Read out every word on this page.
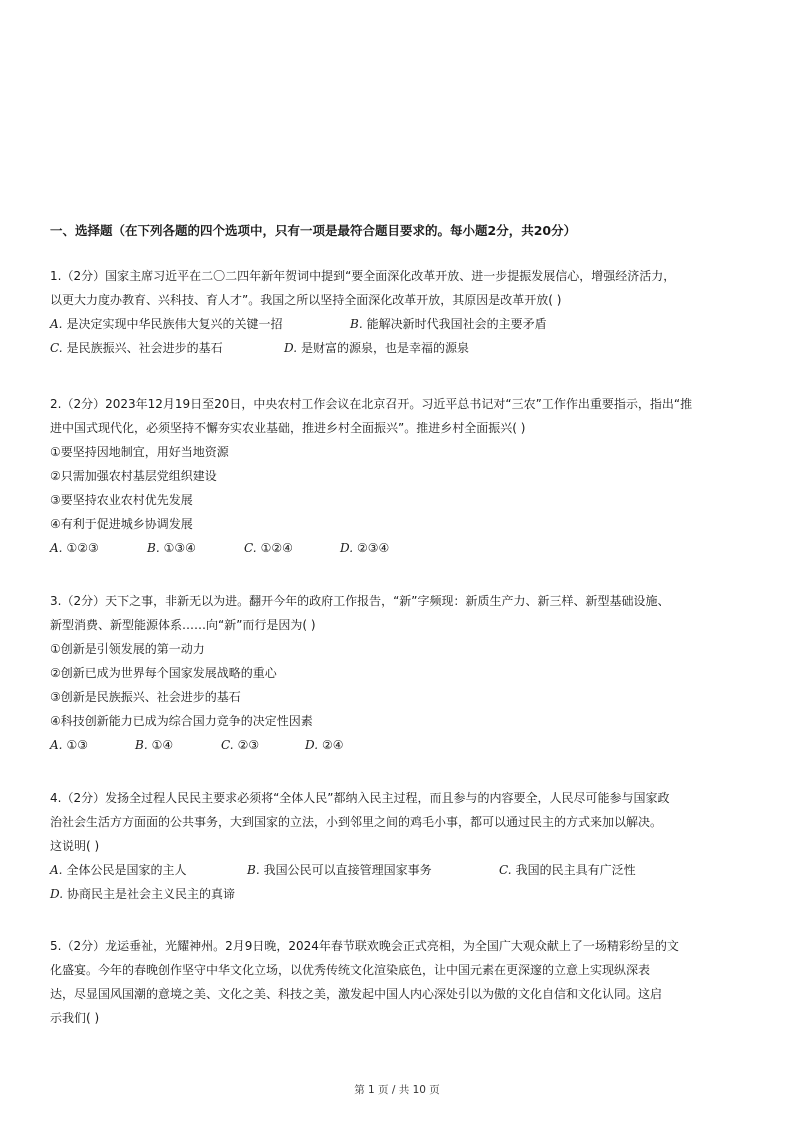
一、选择题（在下列各题的四个选项中，只有一项是最符合题目要求的。每小题2分，共20分）
1.（2分）国家主席习近平在二〇二四年新年贺词中提到“要全面深化改革开放、进一步提振发展信心，增强经济活力，
以更大力度办教育、兴科技、育人才”。我国之所以坚持全面深化改革开放，其原因是改革开放( )
A. 是决定实现中华民族伟大复兴的关键一招	B. 能解决新时代我国社会的主要矛盾
C. 是民族振兴、社会进步的基石	D. 是财富的源泉，也是幸福的源泉
2.（2分）2023年12月19日至20日，中央农村工作会议在北京召开。习近平总书记对“三农”工作作出重要指示，指出“推
进中国式现代化，必须坚持不懈夯实农业基础，推进乡村全面振兴”。推进乡村全面振兴( )
①要坚持因地制宜，用好当地资源
②只需加强农村基层党组织建设
③要坚持农业农村优先发展
④有利于促进城乡协调发展
A. ①②③	B. ①③④	C. ①②④	D. ②③④
3.（2分）天下之事，非新无以为进。翻开今年的政府工作报告，“新”字频现：新质生产力、新三样、新型基础设施、
新型消费、新型能源体系……向“新”而行是因为( )
①创新是引领发展的第一动力
②创新已成为世界每个国家发展战略的重心
③创新是民族振兴、社会进步的基石
④科技创新能力已成为综合国力竞争的决定性因素
A. ①③	B. ①④	C. ②③	D. ②④
4.（2分）发扬全过程人民民主要求必须将“全体人民”都纳入民主过程，而且参与的内容要全，人民尽可能参与国家政
治社会生活方方面面的公共事务，大到国家的立法，小到邻里之间的鸡毛小事，都可以通过民主的方式来加以解决。
这说明( )
A. 全体公民是国家的主人	B. 我国公民可以直接管理国家事务	C. 我国的民主具有广泛性
D. 协商民主是社会主义民主的真谛
5.（2分）龙运垂祉，光耀神州。2月9日晚，2024年春节联欢晚会正式亮相，为全国广大观众献上了一场精彩纷呈的文
化盛宴。今年的春晚创作坚守中华文化立场，以优秀传统文化渲染底色，让中国元素在更深邃的立意上实现纵深表
达，尽显国风国潮的意境之美、文化之美、科技之美，激发起中国人内心深处引以为傲的文化自信和文化认同。这启
示我们( )
第 1 页 / 共 10 页
